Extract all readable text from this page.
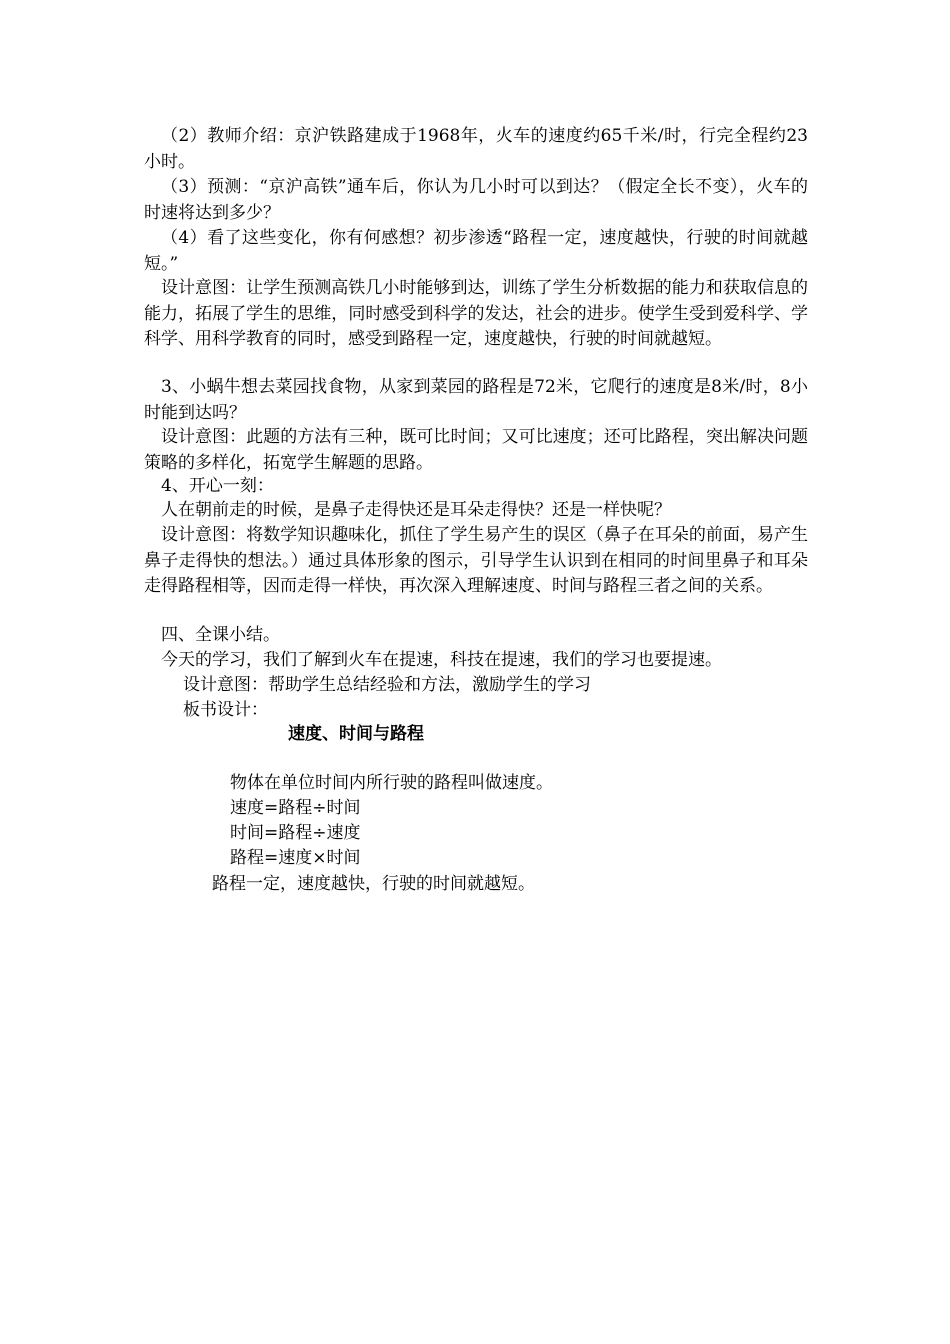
（2）教师介绍：京沪铁路建成于1968年，火车的速度约65千米/时，行完全程约23小时。

（3）预测：“京沪高铁”通车后，你认为几小时可以到达？（假定全长不变），火车的时速将达到多少？

（4）看了这些变化，你有何感想？初步渗透“路程一定，速度越快，行驶的时间就越短。”

设计意图：让学生预测高铁几小时能够到达，训练了学生分析数据的能力和获取信息的能力，拓展了学生的思维，同时感受到科学的发达，社会的进步。使学生受到爱科学、学科学、用科学教育的同时，感受到路程一定，速度越快，行驶的时间就越短。

3、小蜗牛想去菜园找食物，从家到菜园的路程是72米，它爬行的速度是8米/时，8小时能到达吗？

设计意图：此题的方法有三种，既可比时间；又可比速度；还可比路程，突出解决问题策略的多样化，拓宽学生解题的思路。

4、开心一刻：

人在朝前走的时候，是鼻子走得快还是耳朵走得快？还是一样快呢？

设计意图：将数学知识趣味化，抓住了学生易产生的误区（鼻子在耳朵的前面，易产生鼻子走得快的想法。）通过具体形象的图示，引导学生认识到在相同的时间里鼻子和耳朵走得路程相等，因而走得一样快，再次深入理解速度、时间与路程三者之间的关系。

四、全课小结。

今天的学习，我们了解到火车在提速，科技在提速，我们的学习也要提速。

设计意图：帮助学生总结经验和方法，激励学生的学习

板书设计：

速度、时间与路程

物体在单位时间内所行驶的路程叫做速度。

速度=路程÷时间

时间=路程÷速度

路程=速度×时间

路程一定，速度越快，行驶的时间就越短。
